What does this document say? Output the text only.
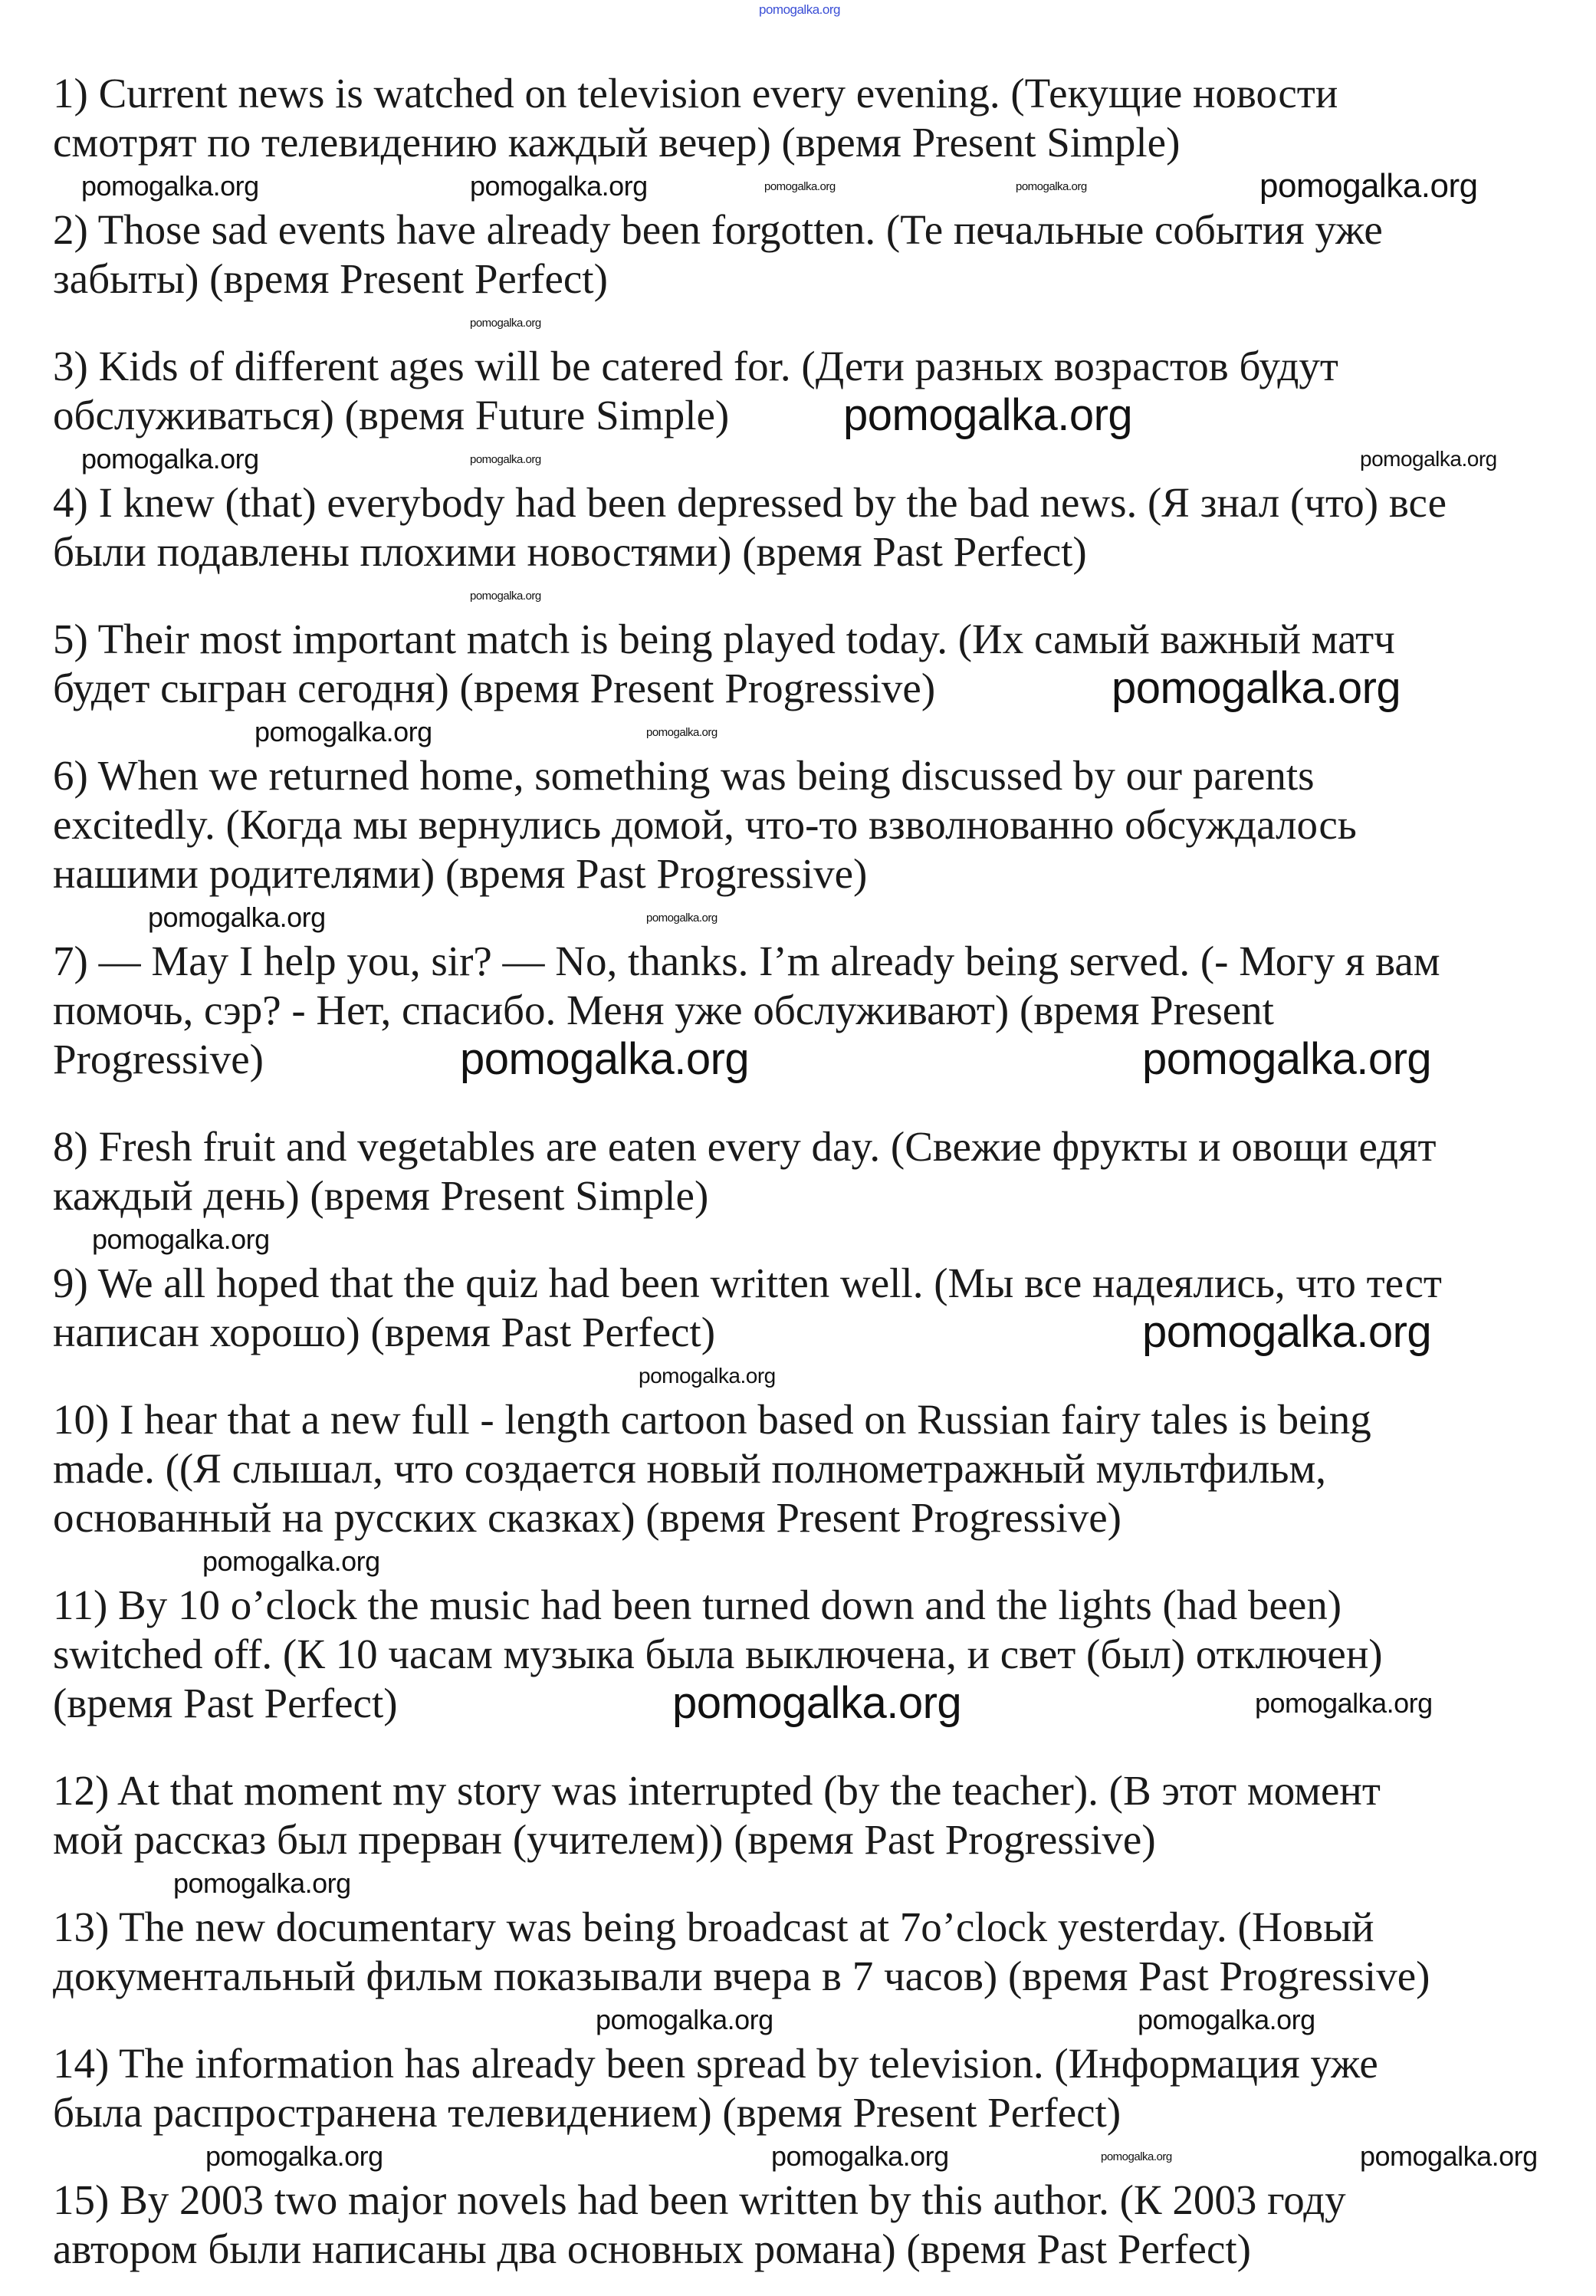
1) Current news is watched on television every evening. (Текущие новости
смотрят по телевидению каждый вечер) (время Present Simple)
2) Those sad events have already been forgotten. (Те печальные события уже
забыты) (время Present Perfect)
3) Kids of different ages will be catered for. (Дети разных возрастов будут
обслуживаться) (время Future Simple)
4) I knew (that) everybody had been depressed by the bad news. (Я знал (что) все
были подавлены плохими новостями) (время Past Perfect)
5) Their most important match is being played today. (Их самый важный матч
будет сыгран сегодня) (время Present Progressive)
6) When we returned home, something was being discussed by our parents
excitedly. (Когда мы вернулись домой, что-то взволнованно обсуждалось
нашими родителями) (время Past Progressive)
7) — May I help you, sir? — No, thanks. I’m already being served. (- Могу я вам
помочь, сэр? - Нет, спасибо. Меня уже обслуживают) (время Present
Progressive)
8) Fresh fruit and vegetables are eaten every day. (Свежие фрукты и овощи едят
каждый день) (время Present Simple)
9) We all hoped that the quiz had been written well. (Мы все надеялись, что тест
написан хорошо) (время Past Perfect)
10) I hear that a new full - length cartoon based on Russian fairy tales is being
made. ((Я слышал, что создается новый полнометражный мультфильм,
основанный на русских сказках) (время Present Progressive)
11) By 10 o’clock the music had been turned down and the lights (had been)
switched off. (К 10 часам музыка была выключена, и свет (был) отключен)
(время Past Perfect)
12) At that moment my story was interrupted (by the teacher). (В этот момент
мой рассказ был прерван (учителем)) (время Past Progressive)
13) The new documentary was being broadcast at 7o’clock yesterday. (Новый
документальный фильм показывали вчера в 7 часов) (время Past Progressive)
14) The information has already been spread by television. (Информация уже
была распространена телевидением) (время Present Perfect)
15) By 2003 two major novels had been written by this author. (К 2003 году
автором были написаны два основных романа) (время Past Perfect)
pomogalka.org
pomogalka.org	pomogalka.org	pomogalka.org	pomogalka.org	pomogalka.org
pomogalka.org
pomogalka.org
pomogalka.org	pomogalka.org	pomogalka.org
pomogalka.org
pomogalka.org
pomogalka.org	pomogalka.org
pomogalka.org	pomogalka.org
pomogalka.org	pomogalka.org
pomogalka.org
pomogalka.org
pomogalka.org
pomogalka.org
pomogalka.org	pomogalka.org
pomogalka.org
pomogalka.org	pomogalka.org
pomogalka.org	pomogalka.org	pomogalka.org	pomogalka.org
